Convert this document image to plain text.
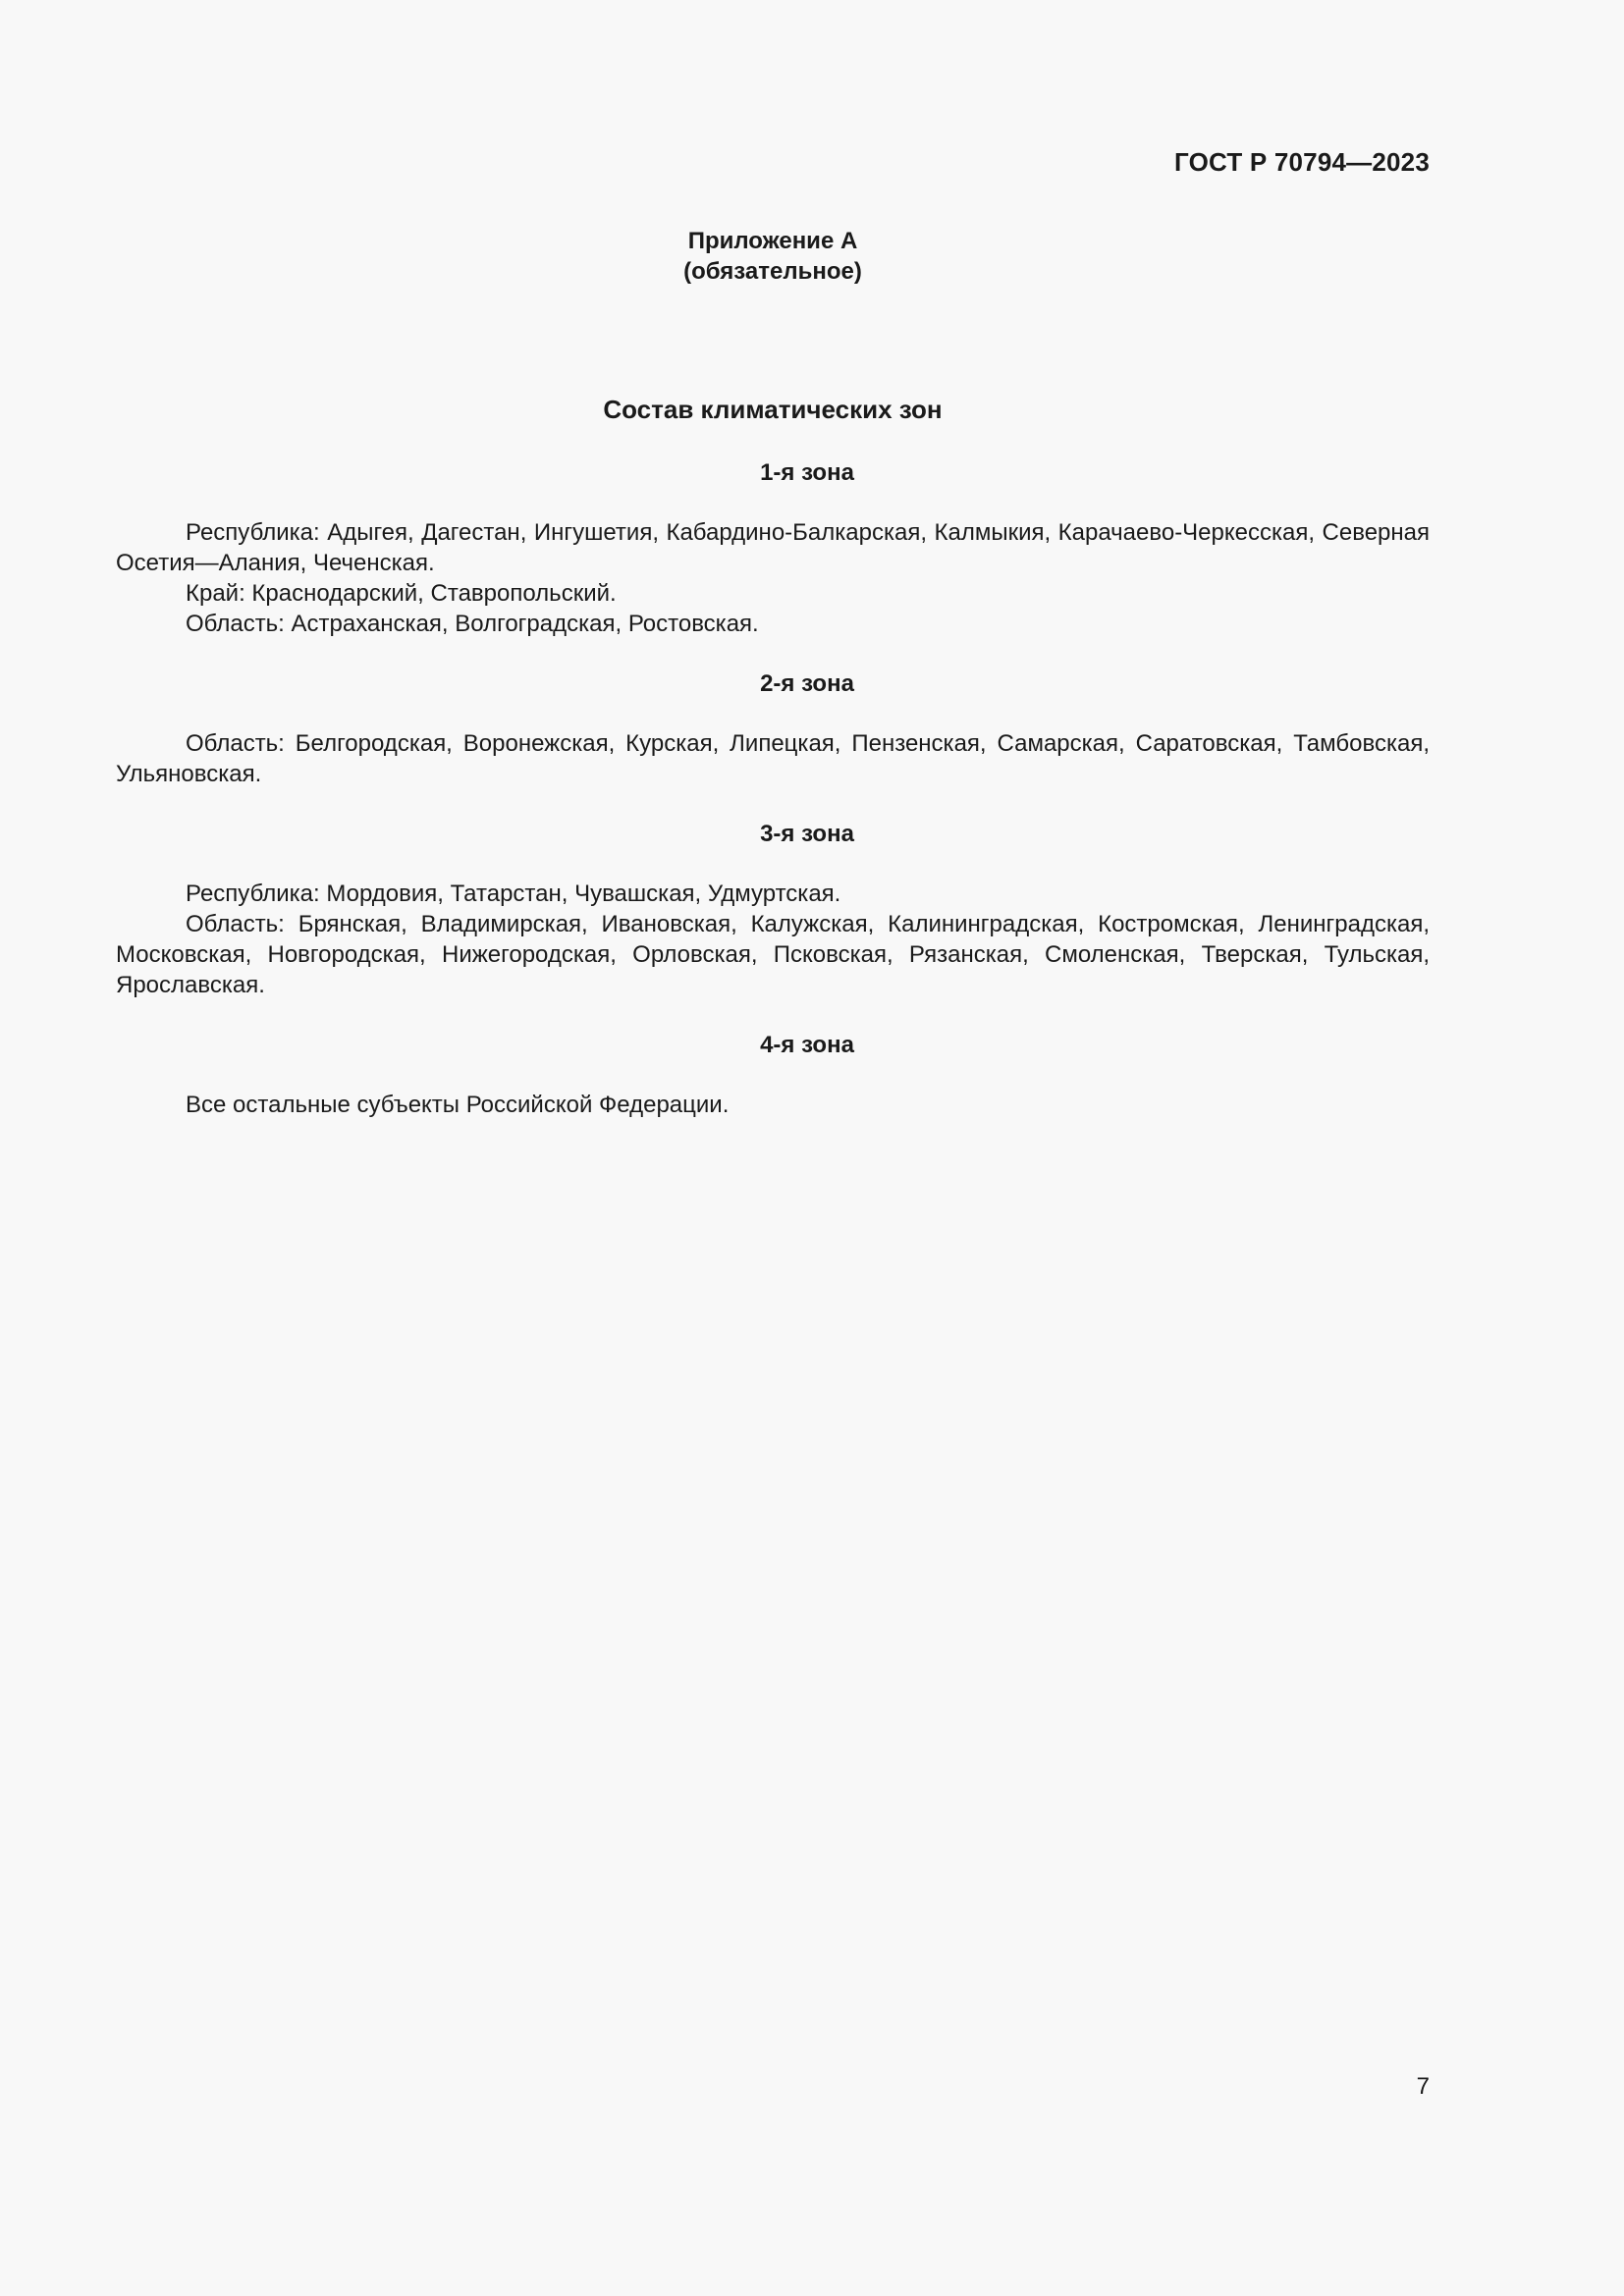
ГОСТ Р 70794—2023
Приложение А
(обязательное)
Состав климатических зон
1-я зона

Республика: Адыгея, Дагестан, Ингушетия, Кабардино-Балкарская, Калмыкия, Карачаево-Черкесская, Северная Осетия—Алания, Чеченская.

Край: Краснодарский, Ставропольский.

Область: Астраханская, Волгоградская, Ростовская.

2-я зона

Область: Белгородская, Воронежская, Курская, Липецкая, Пензенская, Самарская, Саратовская, Тамбовская, Ульяновская.

3-я зона

Республика: Мордовия, Татарстан, Чувашская, Удмуртская.

Область: Брянская, Владимирская, Ивановская, Калужская, Калининградская, Костромская, Ленинградская, Московская, Новгородская, Нижегородская, Орловская, Псковская, Рязанская, Смоленская, Тверская, Тульская, Ярославская.

4-я зона

Все остальные субъекты Российской Федерации.

7
